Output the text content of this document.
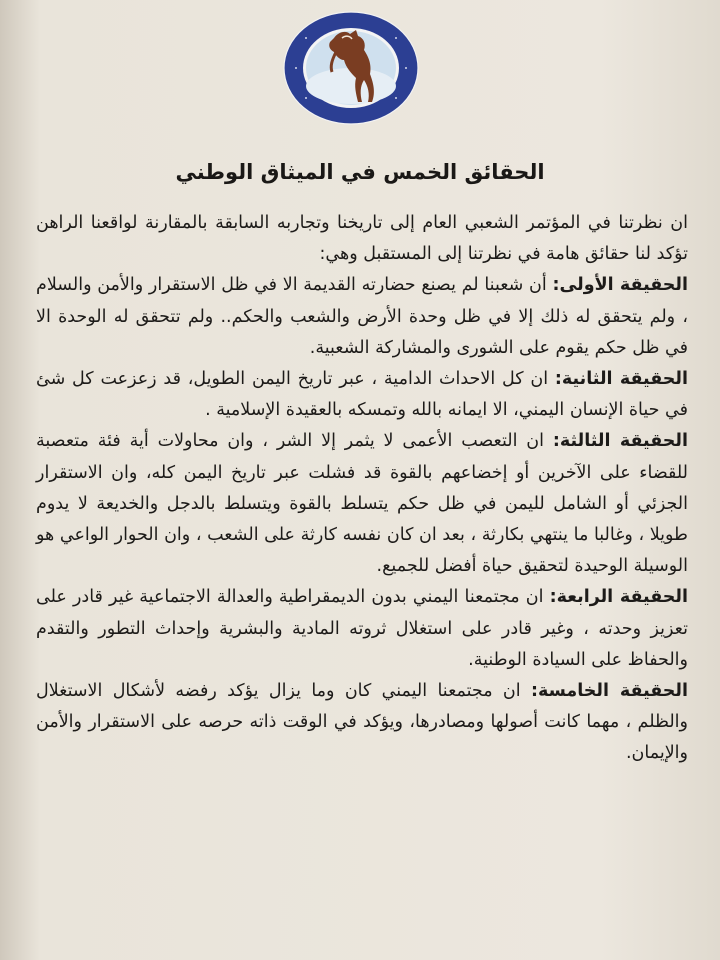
الحقائق الخمس في الميثاق الوطني

ان نظرتنا في المؤتمر الشعبي العام إلى تاريخنا وتجاربه السابقة بالمقارنة لواقعنا الراهن تؤكد لنا حقائق هامة في نظرتنا إلى المستقبل وهي:

الحقيقة الأولى: أن شعبنا لم يصنع حضارته القديمة الا في ظل الاستقرار والأمن والسلام ، ولم يتحقق له ذلك إلا في ظل وحدة الأرض والشعب والحكم.. ولم تتحقق له الوحدة الا في ظل حكم يقوم على الشورى والمشاركة الشعبية.

الحقيقة الثانية: ان كل الاحداث الدامية ، عبر تاريخ اليمن الطويل، قد زعزعت كل شئ في حياة الإنسان اليمني، الا ايمانه بالله وتمسكه بالعقيدة الإسلامية .

الحقيقة الثالثة: ان التعصب الأعمى لا يثمر إلا الشر ، وان محاولات أية فئة متعصبة للقضاء على الآخرين أو إخضاعهم بالقوة قد فشلت عبر تاريخ اليمن كله، وان الاستقرار الجزئي أو الشامل لليمن في ظل حكم يتسلط بالقوة ويتسلط بالدجل والخديعة لا يدوم طويلا ، وغالبا ما ينتهي بكارثة ، بعد ان كان نفسه كارثة على الشعب ، وان الحوار الواعي هو الوسيلة الوحيدة لتحقيق حياة أفضل للجميع.

الحقيقة الرابعة: ان مجتمعنا اليمني بدون الديمقراطية والعدالة الاجتماعية غير قادر على تعزيز وحدته ، وغير قادر على استغلال ثروته المادية والبشرية وإحداث التطور والتقدم والحفاظ على السيادة الوطنية.

الحقيقة الخامسة: ان مجتمعنا اليمني كان وما يزال يؤكد رفضه لأشكال الاستغلال والظلم ، مهما كانت أصولها ومصادرها، ويؤكد في الوقت ذاته حرصه على الاستقرار والأمن والإيمان.
